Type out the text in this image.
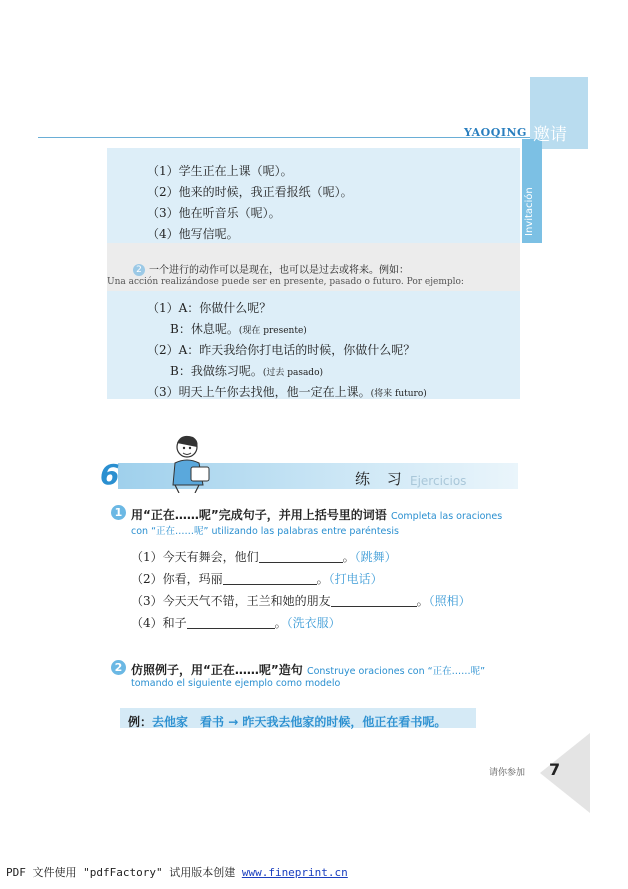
YAOQING 邀请
（1）学生正在上课（呢）。
（2）他来的时候，我正看报纸（呢）。
（3）他在听音乐（呢）。
（4）他写信呢。
2 一个进行的动作可以是现在，也可以是过去或将来。例如：
Una acción realizándose puede ser en presente, pasado o futuro. Por ejemplo:
（1）A：你做什么呢？
B：休息呢。(现在 presente)
（2）A：昨天我给你打电话的时候，你做什么呢？
B：我做练习呢。(过去 pasado)
（3）明天上午你去找他，他一定在上课。(将来 futuro)
6	练 习 Ejercicios
1 用“正在……呢”完成句子，并用上括号里的词语 Completa las oraciones
con “正在……呢” utilizando las palabras entre paréntesis
（1）今天有舞会，他们	。（跳舞）
（2）你看，玛丽	。（打电话）
（3）今天天气不错，王兰和她的朋友	。（照相）
（4）和子	。（洗衣服）
2 仿照例子，用“正在……呢”造句 Construye oraciones con “正在……呢”
tomando el siguiente ejemplo como modelo
例：去他家　看书 → 昨天我去他家的时候，他正在看书呢。
请你参加 7
PDF 文件使用 "pdfFactory" 试用版本创建 www.fineprint.cn
